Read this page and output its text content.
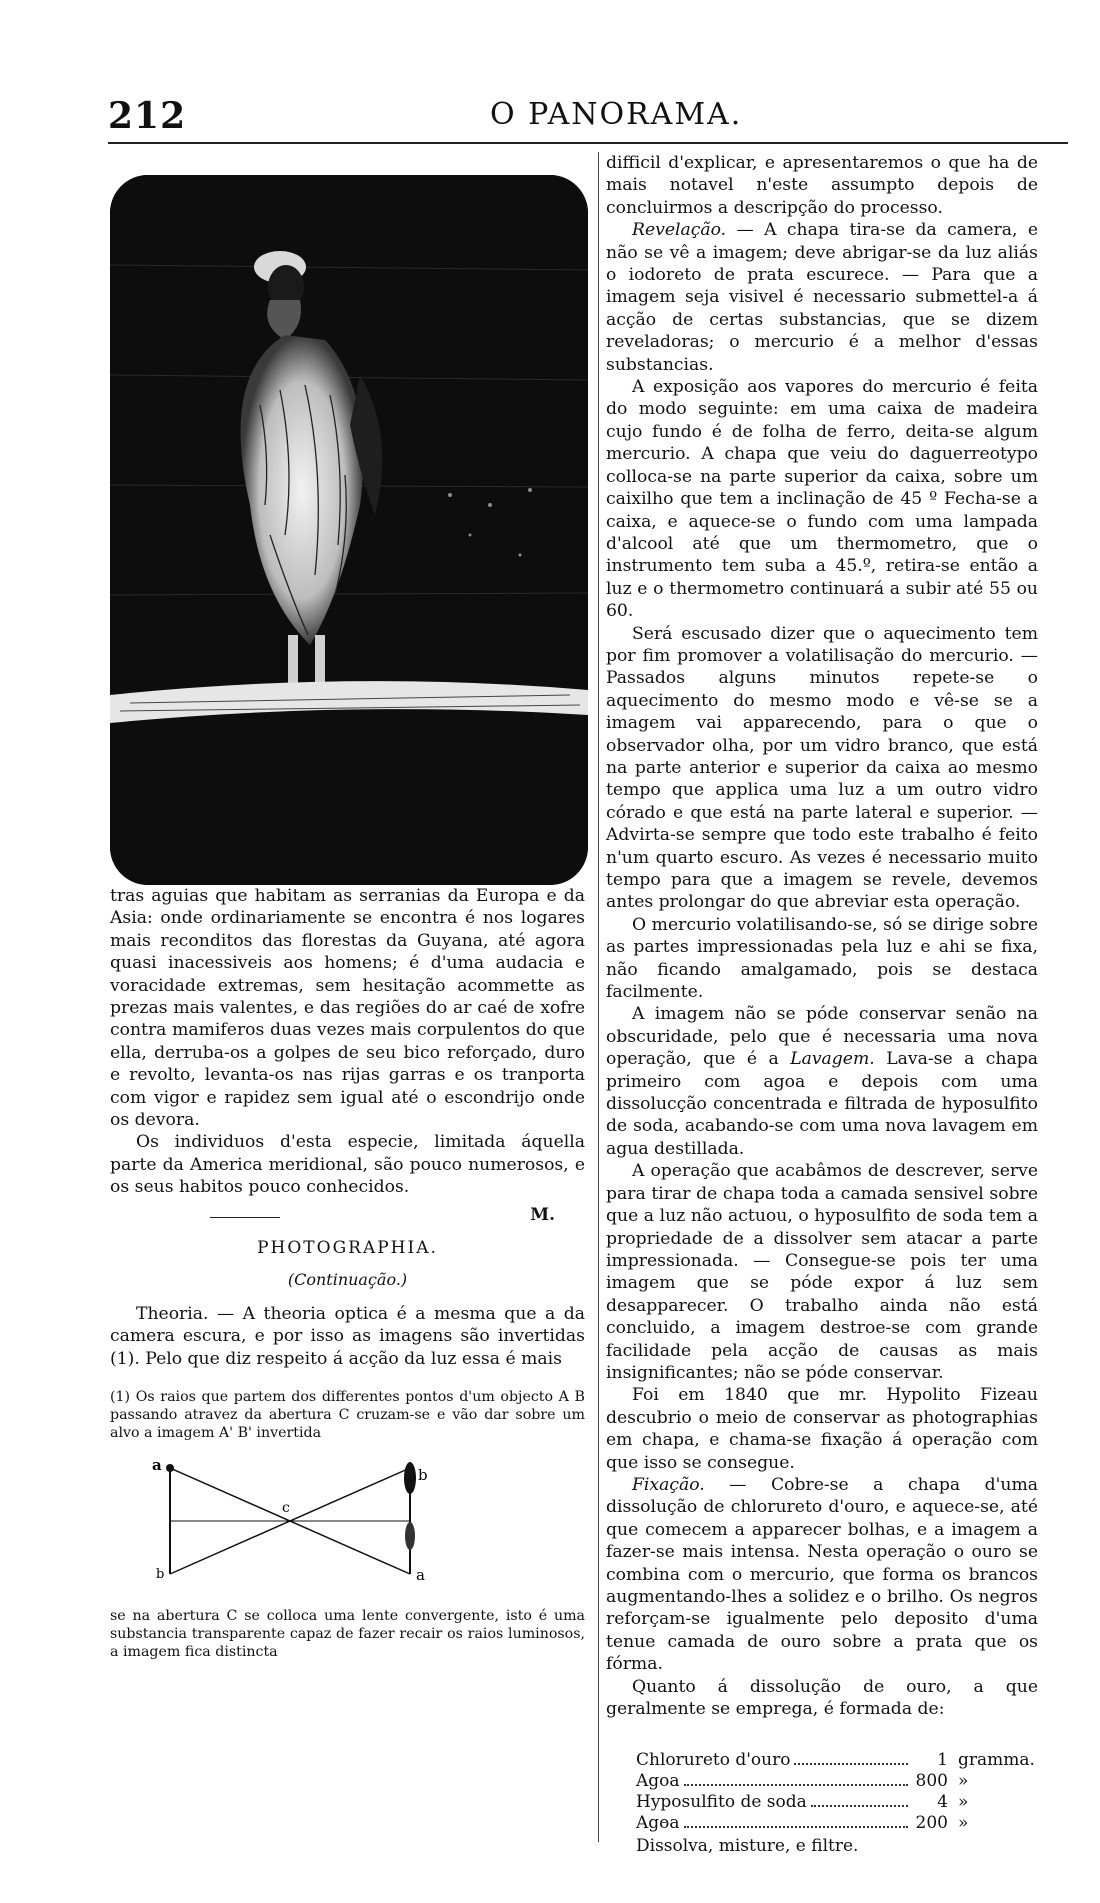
212	O PANORAMA.

tras aguias que habitam as serranias da Europa e da Asia: onde ordinariamente se encontra é nos logares mais reconditos das florestas da Guyana, até agora quasi inacessiveis aos homens; é d'uma audacia e voracidade extremas, sem hesitação acommette as prezas mais valentes, e das regiões do ar caé de xofre contra mamiferos duas vezes mais corpulentos do que ella, derruba-os a golpes de seu bico reforçado, duro e revolto, levanta-os nas rijas garras e os tranporta com vigor e rapidez sem igual até o escondrijo onde os devora.

Os individuos d'esta especie, limitada áquella parte da America meridional, são pouco numerosos, e os seus habitos pouco conhecidos.

M.
PHOTOGRAPHIA.
(Continuação.)

Theoria. — A theoria optica é a mesma que a da camera escura, e por isso as imagens são invertidas (1). Pelo que diz respeito á acção da luz essa é mais

(1) Os raios que partem dos differentes pontos d'um objecto A B passando atravez da abertura C cruzam-se e vão dar sobre um alvo a imagem A' B' invertida
a
b
c
b
a
se na abertura C se colloca uma lente convergente, isto é uma substancia transparente capaz de fazer recair os raios luminosos, a imagem fica distincta

difficil d'explicar, e apresentaremos o que ha de mais notavel n'este assumpto depois de concluirmos a descripção do processo.

Revelação. — A chapa tira-se da camera, e não se vê a imagem; deve abrigar-se da luz aliás o iodoreto de prata escurece. — Para que a imagem seja visivel é necessario submettel-a á acção de certas substancias, que se dizem reveladoras; o mercurio é a melhor d'essas substancias.

A exposição aos vapores do mercurio é feita do modo seguinte: em uma caixa de madeira cujo fundo é de folha de ferro, deita-se algum mercurio. A chapa que veiu do daguerreotypo colloca-se na parte superior da caixa, sobre um caixilho que tem a inclinação de 45 º Fecha-se a caixa, e aquece-se o fundo com uma lampada d'alcool até que um thermometro, que o instrumento tem suba a 45.º, retira-se então a luz e o thermometro continuará a subir até 55 ou 60.

Será escusado dizer que o aquecimento tem por fim promover a volatilisação do mercurio. — Passados alguns minutos repete-se o aquecimento do mesmo modo e vê-se se a imagem vai apparecendo, para o que o observador olha, por um vidro branco, que está na parte anterior e superior da caixa ao mesmo tempo que applica uma luz a um outro vidro córado e que está na parte lateral e superior. — Advirta-se sempre que todo este trabalho é feito n'um quarto escuro. As vezes é necessario muito tempo para que a imagem se revele, devemos antes prolongar do que abreviar esta operação.

O mercurio volatilisando-se, só se dirige sobre as partes impressionadas pela luz e ahi se fixa, não ficando amalgamado, pois se destaca facilmente.

A imagem não se póde conservar senão na obscuridade, pelo que é necessaria uma nova operação, que é a Lavagem. Lava-se a chapa primeiro com agoa e depois com uma dissolucção concentrada e filtrada de hyposulfito de soda, acabando-se com uma nova lavagem em agua destillada.

A operação que acabâmos de descrever, serve para tirar de chapa toda a camada sensivel sobre que a luz não actuou, o hyposulfito de soda tem a propriedade de a dissolver sem atacar a parte impressionada. — Consegue-se pois ter uma imagem que se póde expor á luz sem desapparecer. O trabalho ainda não está concluido, a imagem destroe-se com grande facilidade pela acção de causas as mais insignificantes; não se póde conservar.

Foi em 1840 que mr. Hypolito Fizeau descubrio o meio de conservar as photographias em chapa, e chama-se fixação á operação com que isso se consegue.

Fixação. — Cobre-se a chapa d'uma dissolução de chlorureto d'ouro, e aquece-se, até que comecem a apparecer bolhas, e a imagem a fazer-se mais intensa. Nesta operação o ouro se combina com o mercurio, que forma os brancos augmentando-lhes a solidez e o brilho. Os negros reforçam-se igualmente pelo deposito d'uma tenue camada de ouro sobre a prata que os fórma.

Quanto á dissolução de ouro, a que geralmente se emprega, é formada de:

Chlorureto d'ouro	1 gramma.
Agoa	800 »
Hyposulfito de soda	4 »
Agoa	200 »
Dissolva, misture, e filtre.
